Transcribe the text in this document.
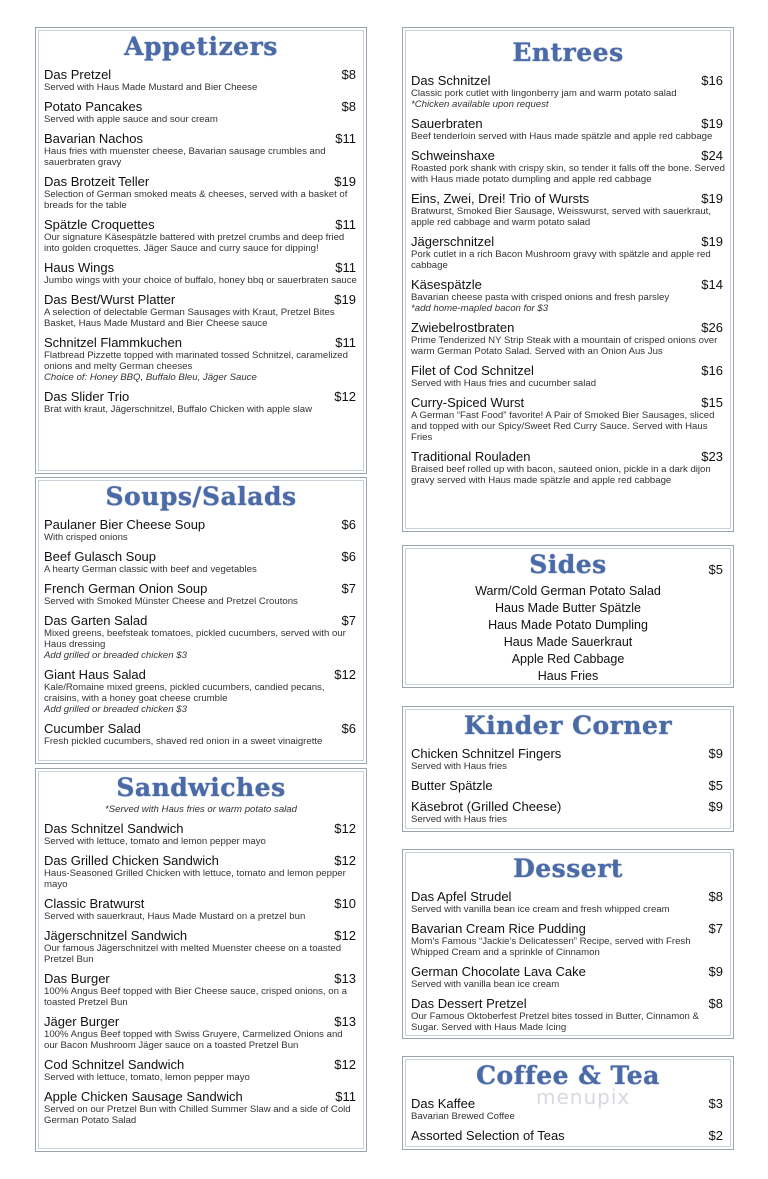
Appetizers
Das Pretzel	$8
Served with Haus Made Mustard and Bier Cheese
Potato Pancakes	$8
Served with apple sauce and sour cream
Bavarian Nachos	$11
Haus fries with muenster cheese, Bavarian sausage crumbles and sauerbraten gravy
Das Brotzeit Teller	$19
Selection of German smoked meats & cheeses, served with a basket of breads for the table
Spätzle Croquettes	$11
Our signature Käsespätzle battered with pretzel crumbs and deep fried into golden croquettes. Jäger Sauce and curry sauce for dipping!
Haus Wings	$11
Jumbo wings with your choice of buffalo, honey bbq or sauerbraten sauce
Das Best/Wurst Platter	$19
A selection of delectable German Sausages with Kraut, Pretzel Bites Basket, Haus Made Mustard and Bier Cheese sauce
Schnitzel Flammkuchen	$11
Flatbread Pizzette topped with marinated tossed Schnitzel, caramelized onions and melty German cheeses
Choice of: Honey BBQ, Buffalo Bleu, Jäger Sauce
Das Slider Trio	$12
Brat with kraut, Jägerschnitzel, Buffalo Chicken with apple slaw
Soups/Salads
Paulaner Bier Cheese Soup	$6
With crisped onions
Beef Gulasch Soup	$6
A hearty German classic with beef and vegetables
French German Onion Soup	$7
Served with Smoked Münster Cheese and Pretzel Croutons
Das Garten Salad	$7
Mixed greens, beefsteak tomatoes, pickled cucumbers, served with our Haus dressing
Add grilled or breaded chicken $3
Giant Haus Salad	$12
Kale/Romaine mixed greens, pickled cucumbers, candied pecans, craisins, with a honey goat cheese crumble
Add grilled or breaded chicken $3
Cucumber Salad	$6
Fresh pickled cucumbers, shaved red onion in a sweet vinaigrette
Sandwiches
*Served with Haus fries or warm potato salad
Das Schnitzel Sandwich	$12
Served with lettuce, tomato and lemon pepper mayo
Das Grilled Chicken Sandwich	$12
Haus-Seasoned Grilled Chicken with lettuce, tomato and lemon pepper mayo
Classic Bratwurst	$10
Served with sauerkraut, Haus Made Mustard on a pretzel bun
Jägerschnitzel Sandwich	$12
Our famous Jägerschnitzel with melted Muenster cheese on a toasted Pretzel Bun
Das Burger	$13
100% Angus Beef topped with Bier Cheese sauce, crisped onions, on a toasted Pretzel Bun
Jäger Burger	$13
100% Angus Beef topped with Swiss Gruyere, Carmelized Onions and our Bacon Mushroom Jäger sauce on a toasted Pretzel Bun
Cod Schnitzel Sandwich	$12
Served with lettuce, tomato, lemon pepper mayo
Apple Chicken Sausage Sandwich	$11
Served on our Pretzel Bun with Chilled Summer Slaw and a side of Cold German Potato Salad
Entrees
Das Schnitzel	$16
Classic pork cutlet with lingonberry jam and warm potato salad
*Chicken available upon request
Sauerbraten	$19
Beef tenderloin served with Haus made spätzle and apple red cabbage
Schweinshaxe	$24
Roasted pork shank with crispy skin, so tender it falls off the bone. Served with Haus made potato dumpling and apple red cabbage
Eins, Zwei, Drei! Trio of Wursts	$19
Bratwurst, Smoked Bier Sausage, Weisswurst, served with sauerkraut, apple red cabbage and warm potato salad
Jägerschnitzel	$19
Pork cutlet in a rich Bacon Mushroom gravy with spätzle and apple red cabbage
Käsespätzle	$14
Bavarian cheese pasta with crisped onions and fresh parsley
*add home-mapled bacon for $3
Zwiebelrostbraten	$26
Prime Tenderized NY Strip Steak with a mountain of crisped onions over warm German Potato Salad. Served with an Onion Aus Jus
Filet of Cod Schnitzel	$16
Served with Haus fries and cucumber salad
Curry-Spiced Wurst	$15
A German “Fast Food” favorite! A Pair of Smoked Bier Sausages, sliced and topped with our Spicy/Sweet Red Curry Sauce. Served with Haus Fries
Traditional Rouladen	$23
Braised beef rolled up with bacon, sauteed onion, pickle in a dark dijon gravy served with Haus made spätzle and apple red cabbage
Sides	$5
Warm/Cold German Potato Salad
Haus Made Butter Spätzle
Haus Made Potato Dumpling
Haus Made Sauerkraut
Apple Red Cabbage
Haus Fries
Kinder Corner
Chicken Schnitzel Fingers	$9
Served with Haus fries
Butter Spätzle	$5
Käsebrot (Grilled Cheese)	$9
Served with Haus fries
Dessert
Das Apfel Strudel	$8
Served with vanilla bean ice cream and fresh whipped cream
Bavarian Cream Rice Pudding	$7
Mom’s Famous “Jackie’s Delicatessen” Recipe, served with Fresh Whipped Cream and a sprinkle of Cinnamon
German Chocolate Lava Cake	$9
Served with vanilla bean ice cream
Das Dessert Pretzel	$8
Our Famous Oktoberfest Pretzel bites tossed in Butter, Cinnamon & Sugar. Served with Haus Made Icing
Coffee & Tea
Das Kaffee	$3
Bavarian Brewed Coffee
Assorted Selection of Teas	$2
menupix
